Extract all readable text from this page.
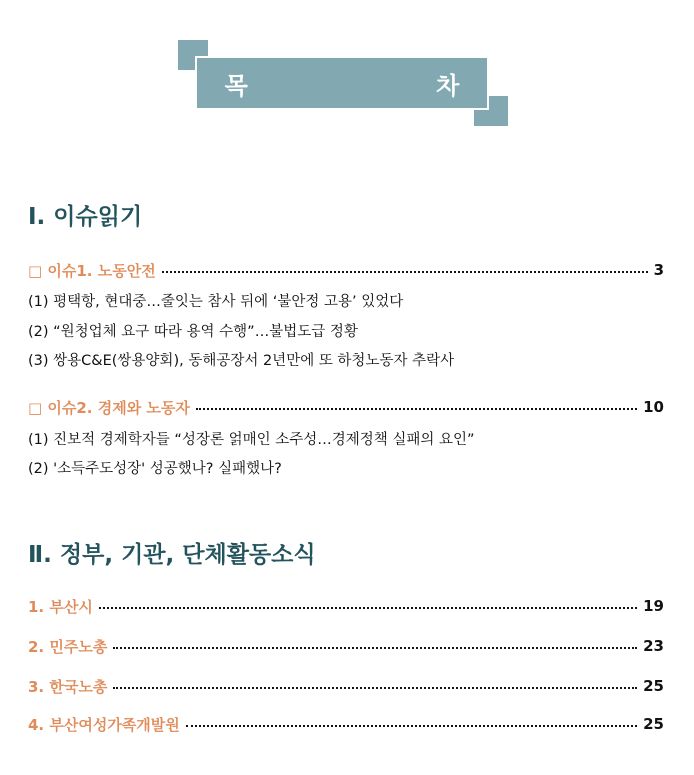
목 차
Ⅰ. 이슈읽기
□ 이슈1. 노동안전	3
(1) 평택항, 현대중…줄잇는 참사 뒤에 ‘불안정 고용’ 있었다
(2) “원청업체 요구 따라 용역 수행”…불법도급 정황
(3) 쌍용C&E(쌍용양회), 동해공장서 2년만에 또 하청노동자 추락사
□ 이슈2. 경제와 노동자	10
(1) 진보적 경제학자들 “성장론 얽매인 소주성…경제정책 실패의 요인”
(2) '소득주도성장' 성공했나? 실패했나?
Ⅱ. 정부, 기관, 단체활동소식
1. 부산시	19
2. 민주노총	23
3. 한국노총	25
4. 부산여성가족개발원	25
